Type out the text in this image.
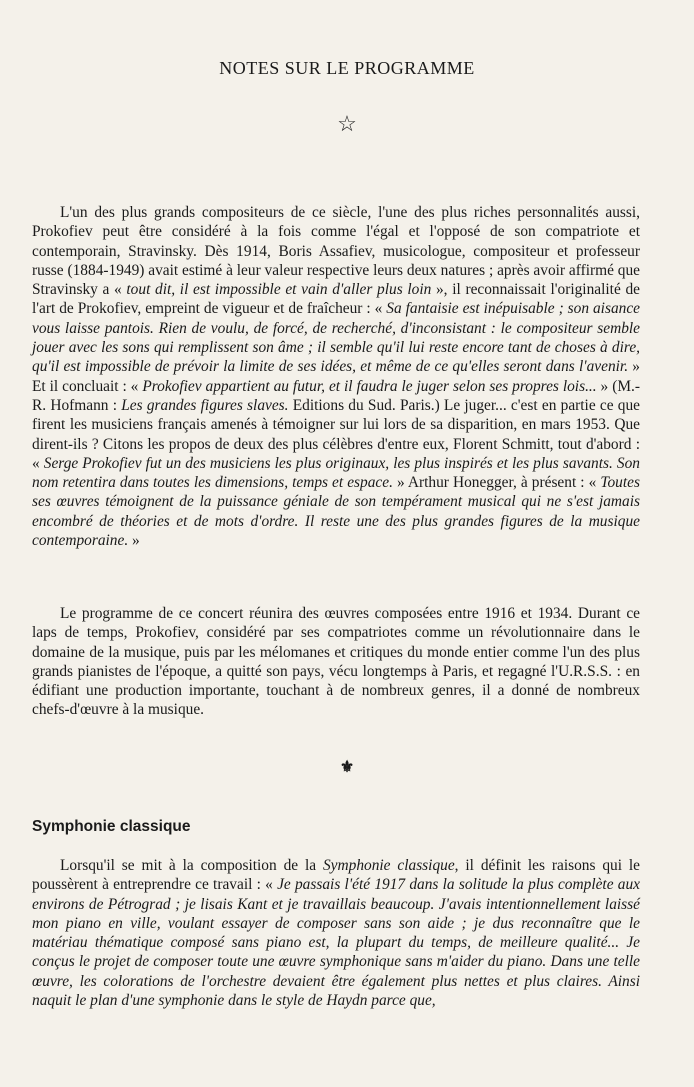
NOTES SUR LE PROGRAMME
☆

L'un des plus grands compositeurs de ce siècle, l'une des plus riches personnalités aussi, Prokofiev peut être considéré à la fois comme l'égal et l'opposé de son compatriote et contemporain, Stravinsky. Dès 1914, Boris Assafiev, musicologue, compositeur et professeur russe (1884-1949) avait estimé à leur valeur respective leurs deux natures ; après avoir affirmé que Stravinsky a « tout dit, il est impossible et vain d'aller plus loin », il reconnaissait l'originalité de l'art de Prokofiev, empreint de vigueur et de fraîcheur : « Sa fantaisie est inépuisable ; son aisance vous laisse pantois. Rien de voulu, de forcé, de recherché, d'inconsistant : le compositeur semble jouer avec les sons qui remplissent son âme ; il semble qu'il lui reste encore tant de choses à dire, qu'il est impossible de prévoir la limite de ses idées, et même de ce qu'elles seront dans l'avenir. » Et il concluait : « Prokofiev appartient au futur, et il faudra le juger selon ses propres lois... » (M.-R. Hofmann : Les grandes figures slaves. Editions du Sud. Paris.) Le juger... c'est en partie ce que firent les musiciens français amenés à témoigner sur lui lors de sa disparition, en mars 1953. Que dirent-ils ? Citons les propos de deux des plus célèbres d'entre eux, Florent Schmitt, tout d'abord : « Serge Prokofiev fut un des musiciens les plus originaux, les plus inspirés et les plus savants. Son nom retentira dans toutes les dimensions, temps et espace. » Arthur Honegger, à présent : « Toutes ses œuvres témoignent de la puissance géniale de son tempérament musical qui ne s'est jamais encombré de théories et de mots d'ordre. Il reste une des plus grandes figures de la musique contemporaine. »

Le programme de ce concert réunira des œuvres composées entre 1916 et 1934. Durant ce laps de temps, Prokofiev, considéré par ses compatriotes comme un révolutionnaire dans le domaine de la musique, puis par les mélomanes et critiques du monde entier comme l'un des plus grands pianistes de l'époque, a quitté son pays, vécu longtemps à Paris, et regagné l'U.R.S.S. : en édifiant une production importante, touchant à de nombreux genres, il a donné de nombreux chefs-d'œuvre à la musique.

⚜
Symphonie classique

Lorsqu'il se mit à la composition de la Symphonie classique, il définit les raisons qui le poussèrent à entreprendre ce travail : « Je passais l'été 1917 dans la solitude la plus complète aux environs de Pétrograd ; je lisais Kant et je travaillais beaucoup. J'avais intentionnellement laissé mon piano en ville, voulant essayer de composer sans son aide ; je dus reconnaître que le matériau thématique composé sans piano est, la plupart du temps, de meilleure qualité... Je conçus le projet de composer toute une œuvre symphonique sans m'aider du piano. Dans une telle œuvre, les colorations de l'orchestre devaient être également plus nettes et plus claires. Ainsi naquit le plan d'une symphonie dans le style de Haydn parce que,
